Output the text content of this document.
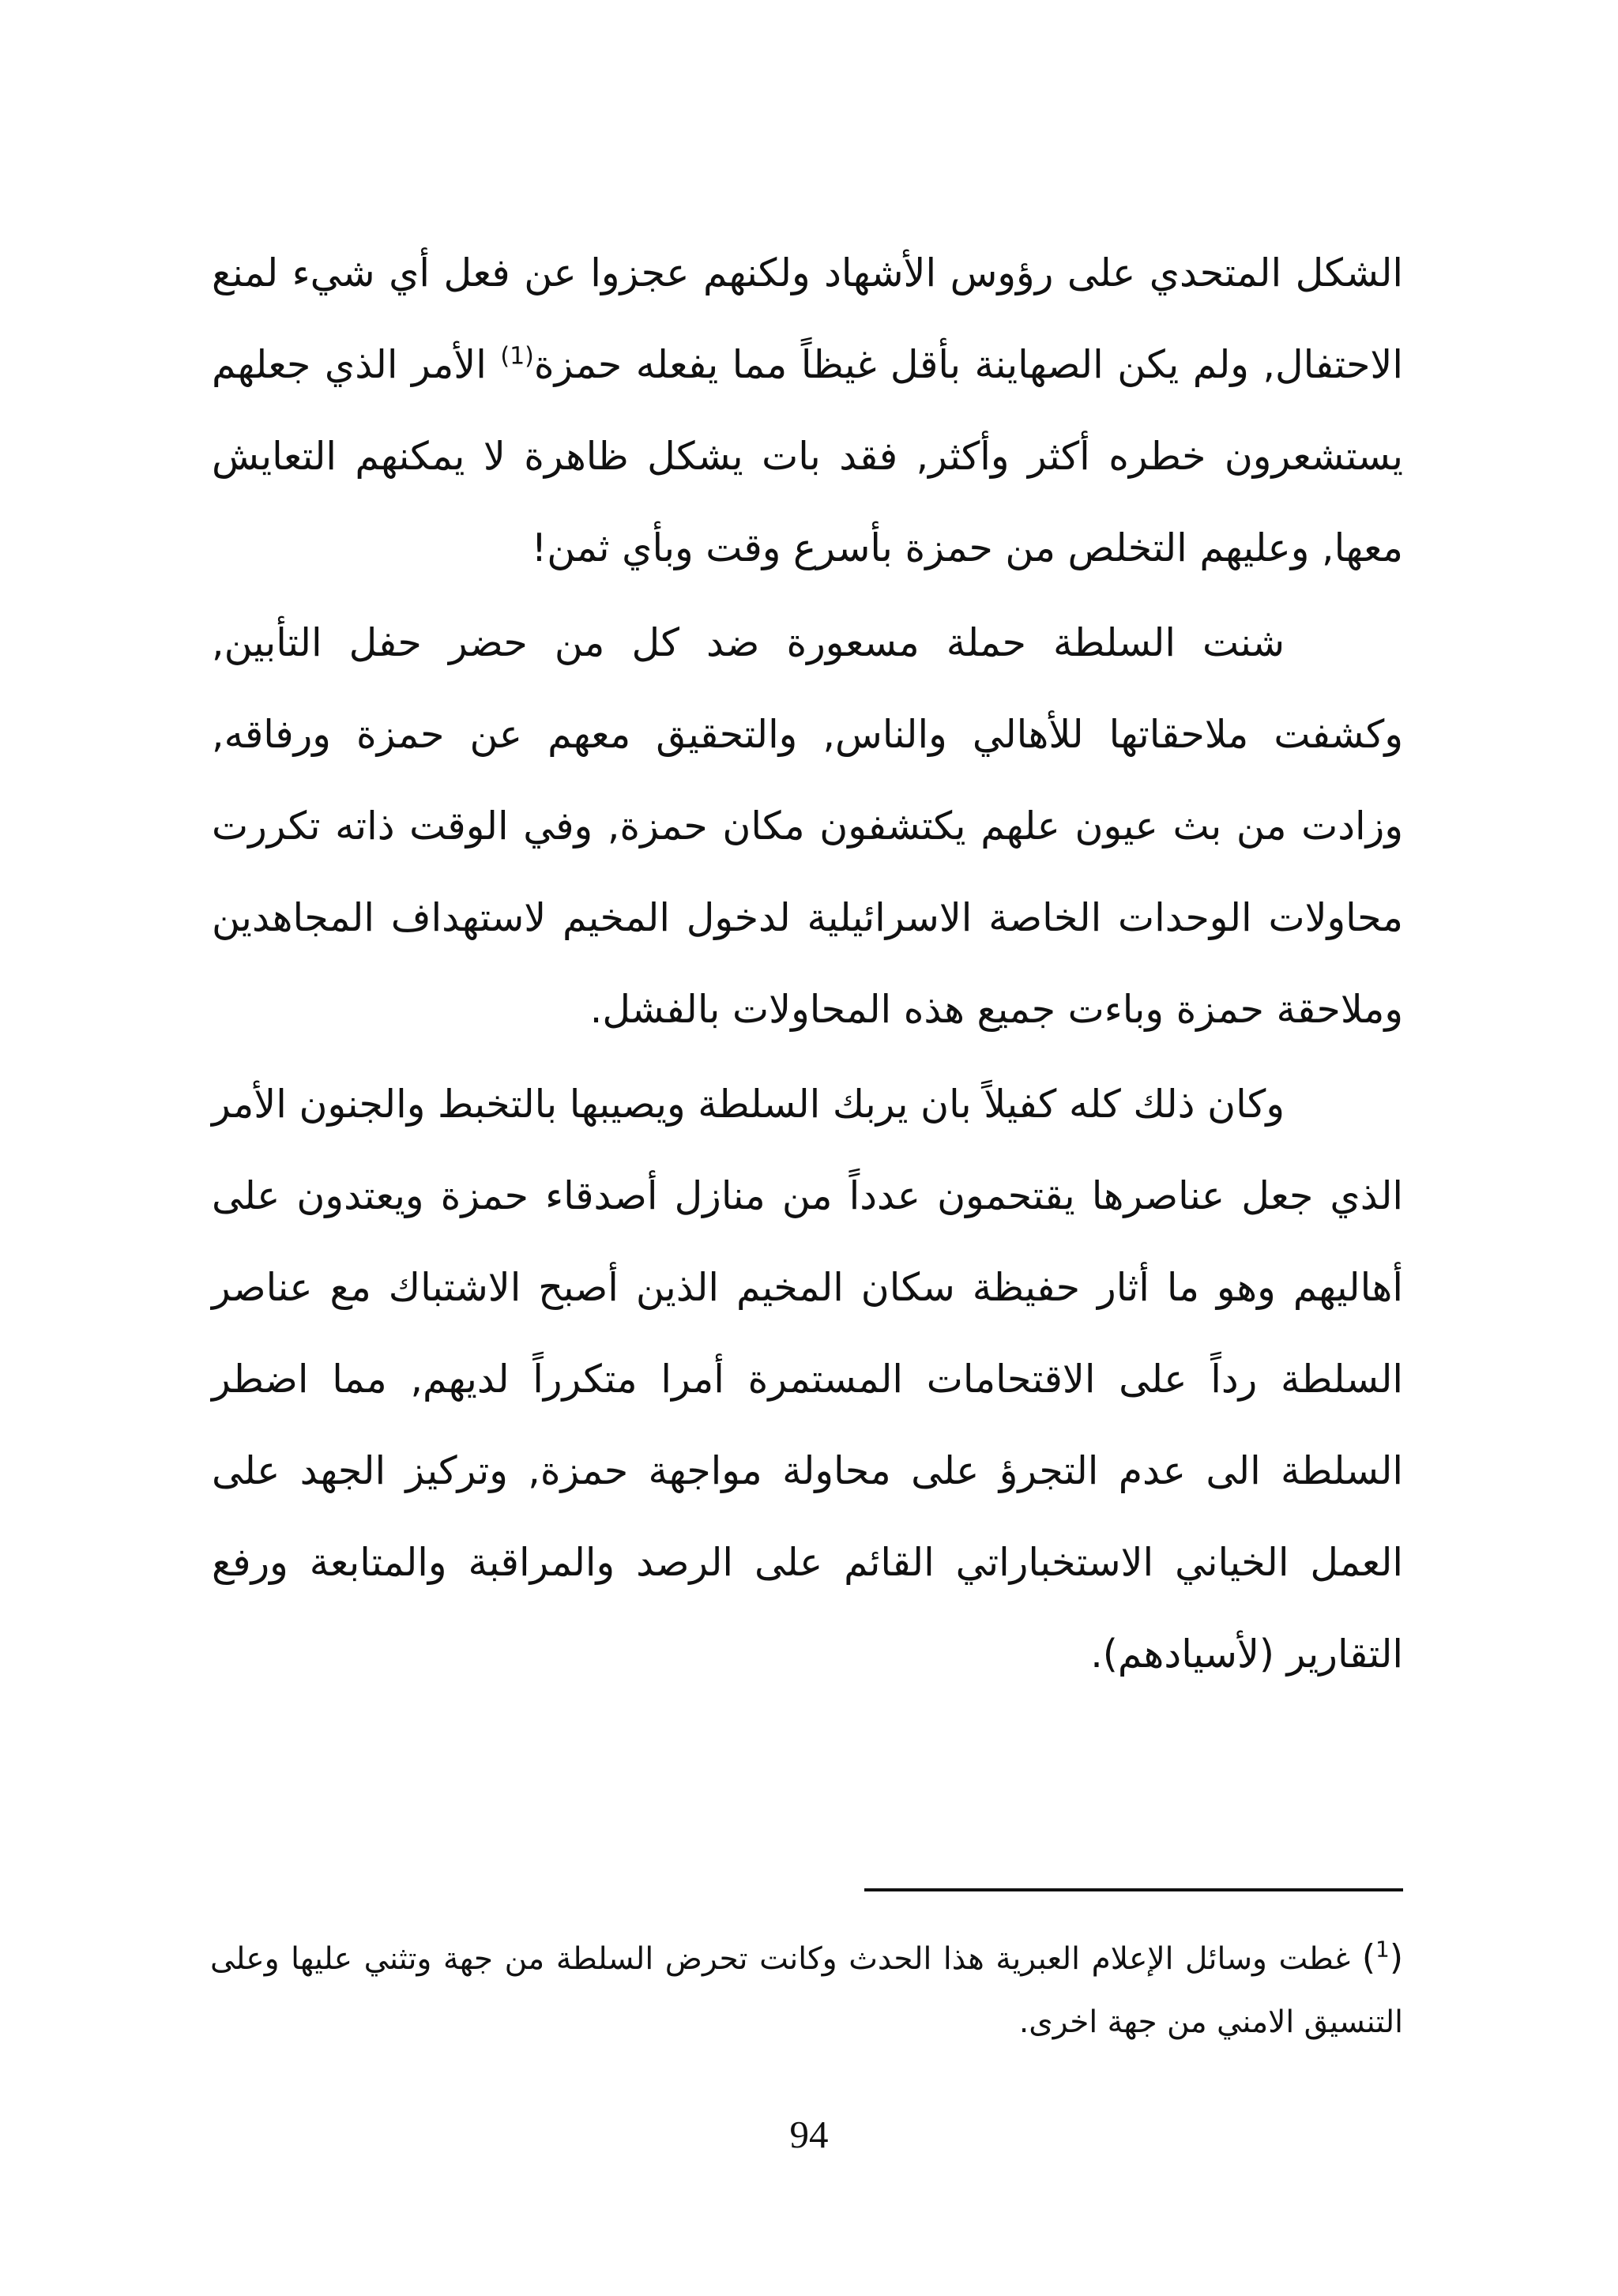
الشكل المتحدي على رؤوس الأشهاد ولكنهم عجزوا عن فعل أي شيء لمنع الاحتفال, ولم يكن الصهاينة بأقل غيظاً مما يفعله حمزة$^{(1)}$ الأمر الذي جعلهم يستشعرون خطره أكثر وأكثر, فقد بات يشكل ظاهرة لا يمكنهم التعايش معها, وعليهم التخلص من حمزة بأسرع وقت وبأي ثمن!

شنت السلطة حملة مسعورة ضد كل من حضر حفل التأبين, وكشفت ملاحقاتها للأهالي والناس, والتحقيق معهم عن حمزة ورفاقه, وزادت من بث عيون علهم يكتشفون مكان حمزة, وفي الوقت ذاته تكررت محاولات الوحدات الخاصة الاسرائيلية لدخول المخيم لاستهداف المجاهدين وملاحقة حمزة وباءت جميع هذه المحاولات بالفشل.

وكان ذلك كله كفيلاً بان يربك السلطة ويصيبها بالتخبط والجنون الأمر الذي جعل عناصرها يقتحمون عدداً من منازل أصدقاء حمزة ويعتدون على أهاليهم وهو ما أثار حفيظة سكان المخيم الذين أصبح الاشتباك مع عناصر السلطة رداً على الاقتحامات المستمرة أمرا متكرراً لديهم, مما اضطر السلطة الى عدم التجرؤ على محاولة مواجهة حمزة, وتركيز الجهد على العمل الخياني الاستخباراتي القائم على الرصد والمراقبة والمتابعة ورفع التقارير (لأسيادهم).

($^1$) غطت وسائل الإعلام العبرية هذا الحدث وكانت تحرض السلطة من جهة وتثني عليها وعلى التنسيق الامني من جهة اخرى.

94
